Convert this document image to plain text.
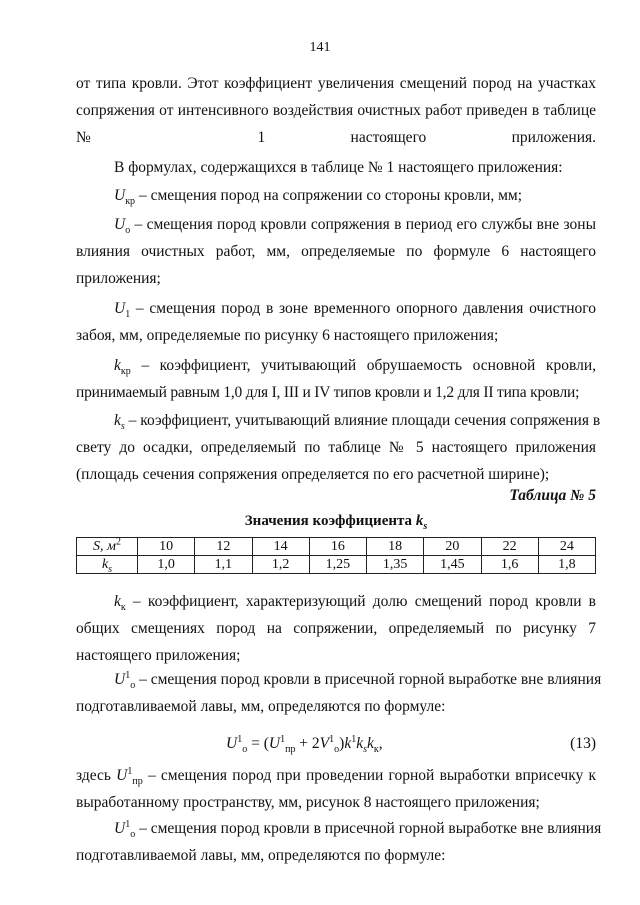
141
от типа кровли. Этот коэффициент увеличения смещений пород на участках
сопряжения от интенсивного воздействия очистных работ приведен в таблице
№ 1 настоящего приложения.
В формулах, содержащихся в таблице № 1 настоящего приложения:
$U_{кр}$ – смещения пород на сопряжении со стороны кровли, мм;
$U_о$ – смещения пород кровли сопряжения в период его службы вне зоны
влияния очистных работ, мм, определяемые по формуле 6 настоящего
приложения;
$U_1$ – смещения пород в зоне временного опорного давления очистного
забоя, мм, определяемые по рисунку 6 настоящего приложения;
$k_{кр}$ – коэффициент, учитывающий обрушаемость основной кровли,
принимаемый равным 1,0 для I, III и IV типов кровли и 1,2 для II типа кровли;
$k_s$ – коэффициент, учитывающий влияние площади сечения сопряжения в
свету до осадки, определяемый по таблице № 5 настоящего приложения
(площадь сечения сопряжения определяется по его расчетной ширине);
Таблица № 5
Значения коэффициента $k_s$
S, $м^2$	10	12	14	16	18	20	22	24
$k_s$	1,0	1,1	1,2	1,25	1,35	1,45	1,6	1,8
$k_к$ – коэффициент, характеризующий долю смещений пород кровли в
общих смещениях пород на сопряжении, определяемый по рисунку 7
настоящего приложения;
$U^1_о$ – смещения пород кровли в присечной горной выработке вне влияния
подготавливаемой лавы, мм, определяются по формуле:
$U^1_о = (U^1_{пр} + 2V^1_о)k^1k_sk_к$,	(13)
здесь $U^1_{пр}$ – смещения пород при проведении горной выработки вприсечку к
выработанному пространству, мм, рисунок 8 настоящего приложения;
$U^1_о$ – смещения пород кровли в присечной горной выработке вне влияния
подготавливаемой лавы, мм, определяются по формуле:
